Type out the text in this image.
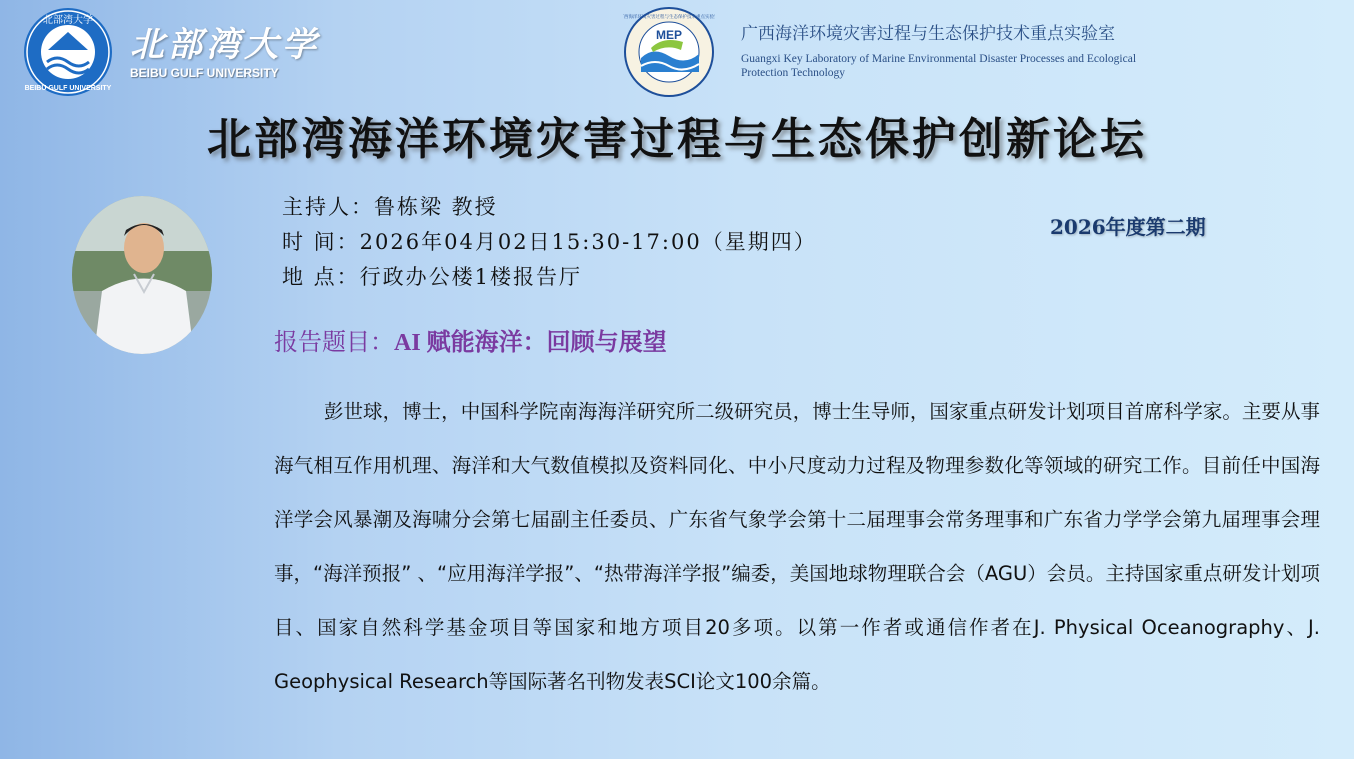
北部湾大学
BEIBU GULF UNIVERSITY
北部湾大学
BEIBU GULF UNIVERSITY
MEP
广西海洋环境灾害过程与生态保护技术重点实验室
广西海洋环境灾害过程与生态保护技术重点实验室
Guangxi Key Laboratory of Marine Environmental Disaster Processes and Ecological Protection Technology
北部湾海洋环境灾害过程与生态保护创新论坛
主持人：鲁栋梁 教授
时 间：2026年04月02日15:30-17:00（星期四）
地 点：行政办公楼1楼报告厅
2026年度第二期
报告题目：AI 赋能海洋：回顾与展望

彭世球，博士，中国科学院南海海洋研究所二级研究员，博士生导师，国家重点研发计划项目首席科学家。主要从事海气相互作用机理、海洋和大气数值模拟及资料同化、中小尺度动力过程及物理参数化等领域的研究工作。目前任中国海洋学会风暴潮及海啸分会第七届副主任委员、广东省气象学会第十二届理事会常务理事和广东省力学学会第九届理事会理事，“海洋预报” 、“应用海洋学报”、“热带海洋学报”编委，美国地球物理联合会（AGU）会员。主持国家重点研发计划项目、国家自然科学基金项目等国家和地方项目20多项。以第一作者或通信作者在J. Physical Oceanography、J. Geophysical Research等国际著名刊物发表SCI论文100余篇。
